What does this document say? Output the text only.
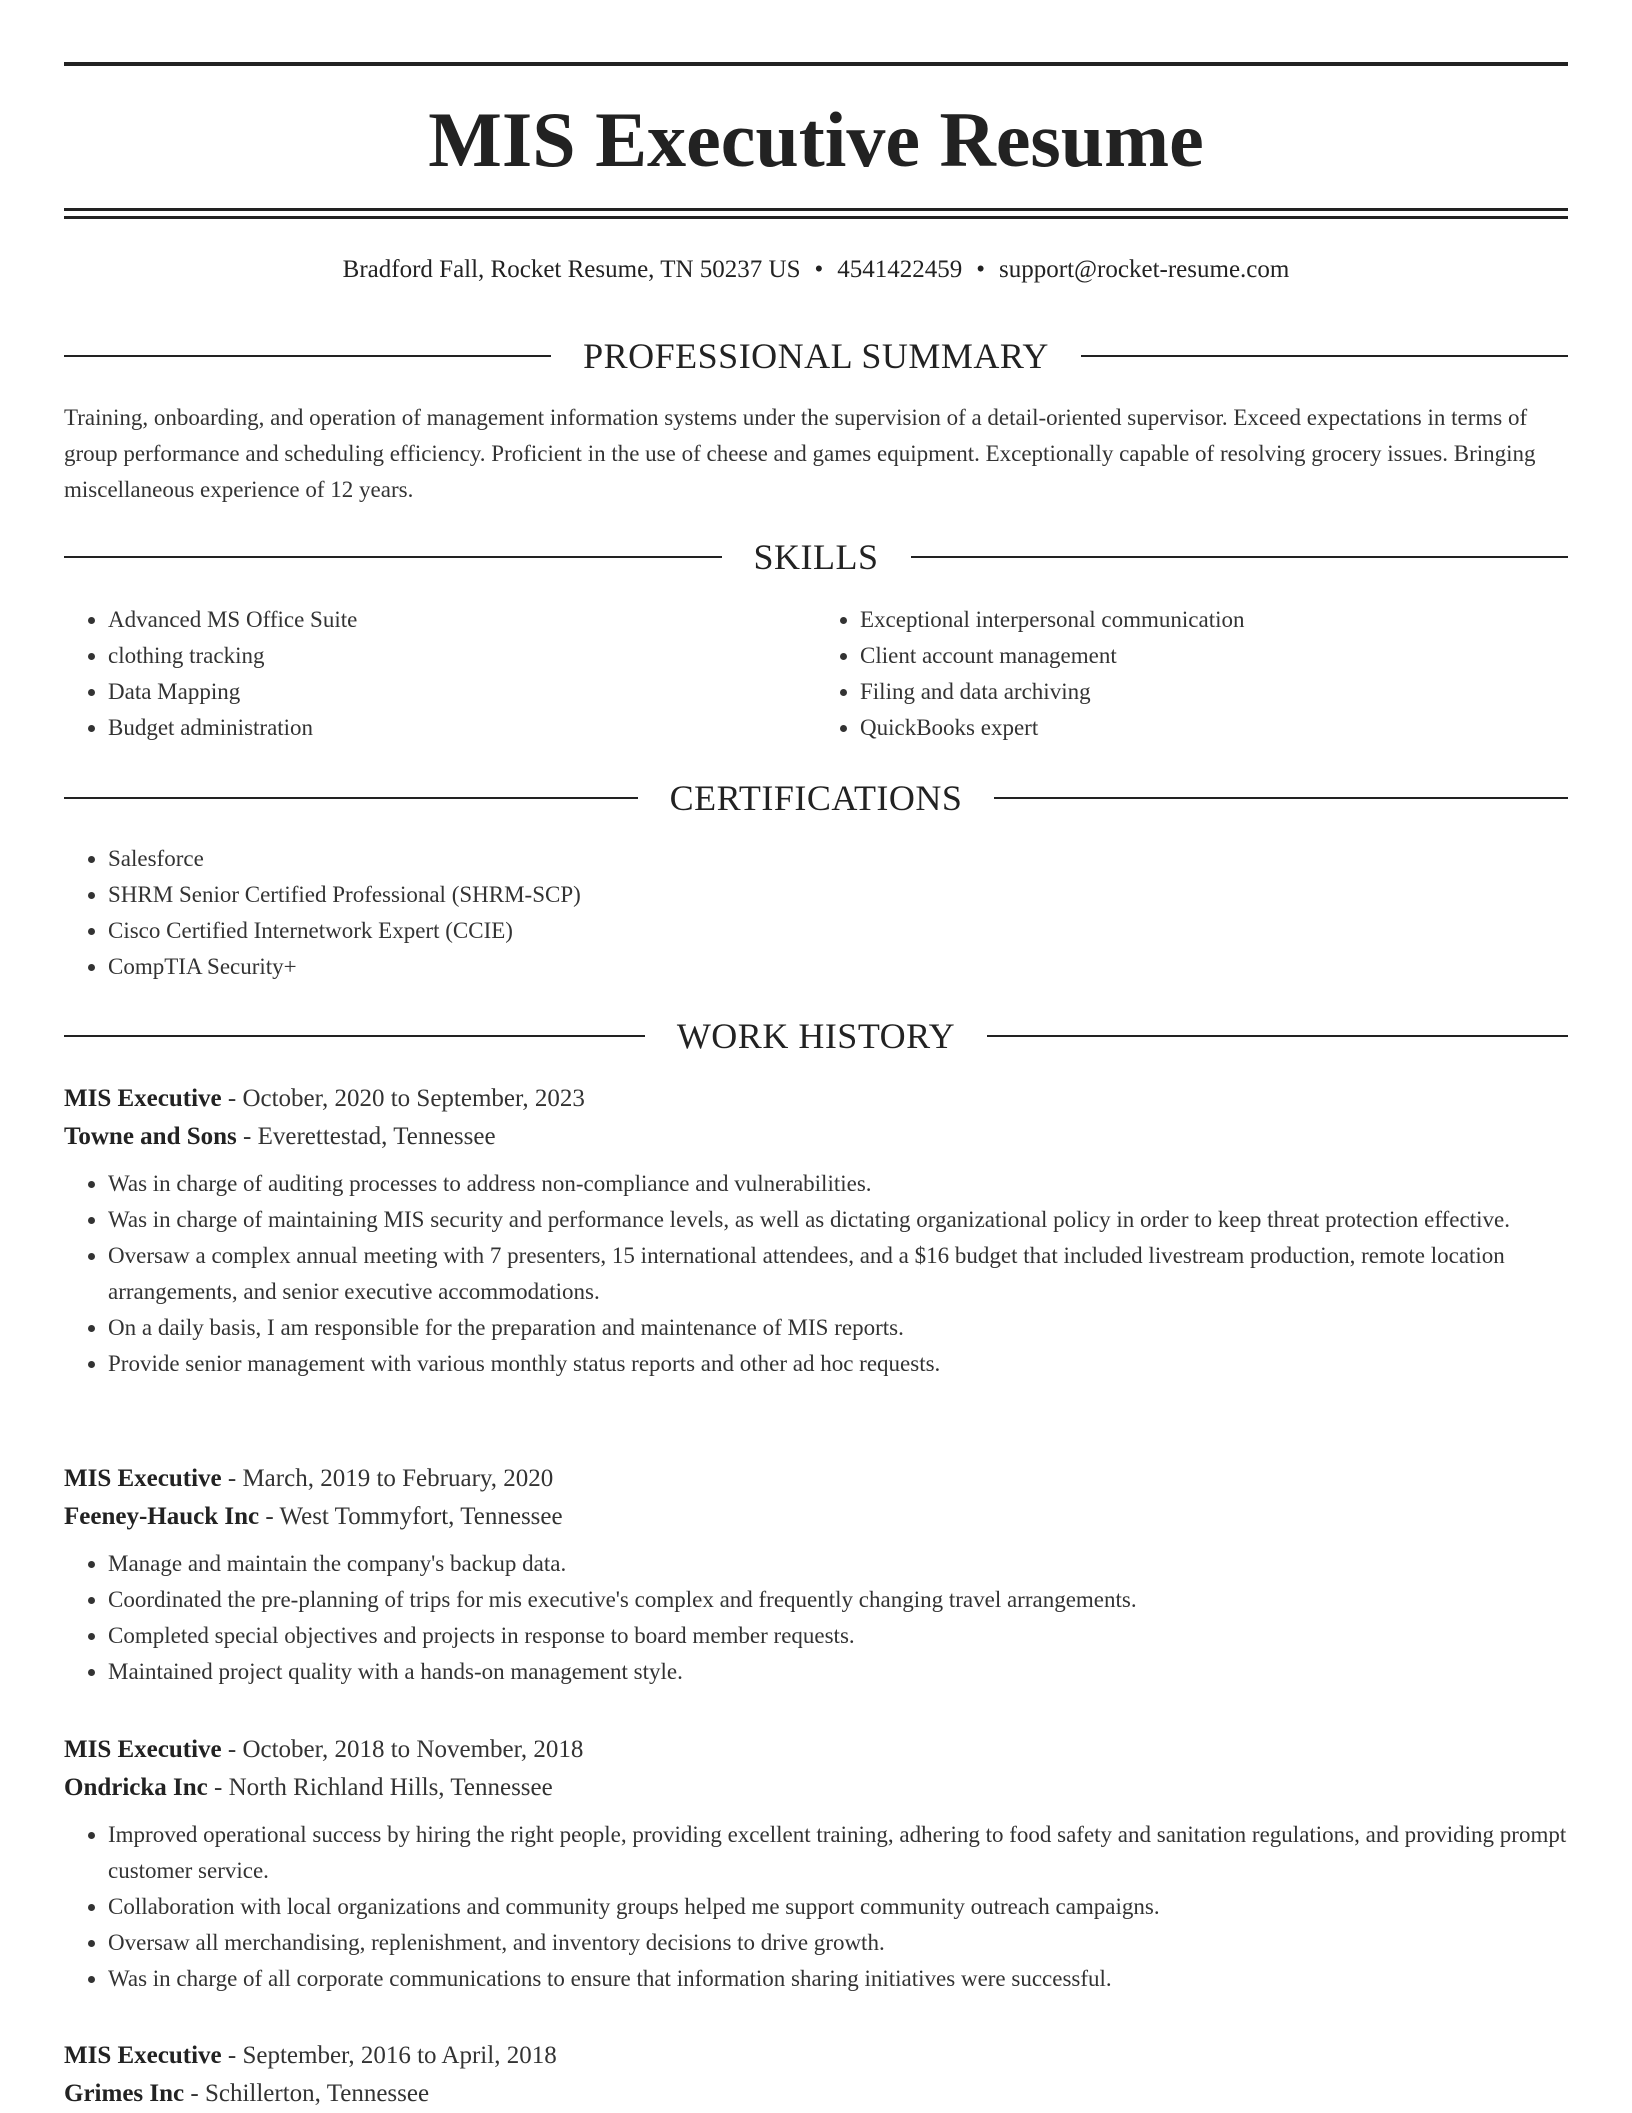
MIS Executive Resume
Bradford Fall, Rocket Resume, TN 50237 US • 4541422459 • support@rocket-resume.com
PROFESSIONAL SUMMARY
Training, onboarding, and operation of management information systems under the supervision of a detail-oriented supervisor. Exceed expectations in terms of group performance and scheduling efficiency. Proficient in the use of cheese and games equipment. Exceptionally capable of resolving grocery issues. Bringing miscellaneous experience of 12 years.
SKILLS
• Advanced MS Office Suite
• clothing tracking
• Data Mapping
• Budget administration
• Exceptional interpersonal communication
• Client account management
• Filing and data archiving
• QuickBooks expert
CERTIFICATIONS
• Salesforce
• SHRM Senior Certified Professional (SHRM-SCP)
• Cisco Certified Internetwork Expert (CCIE)
• CompTIA Security+
WORK HISTORY
MIS Executive - October, 2020 to September, 2023
Towne and Sons - Everettestad, Tennessee
• Was in charge of auditing processes to address non-compliance and vulnerabilities.
• Was in charge of maintaining MIS security and performance levels, as well as dictating organizational policy in order to keep threat protection effective.
• Oversaw a complex annual meeting with 7 presenters, 15 international attendees, and a $16 budget that included livestream production, remote location arrangements, and senior executive accommodations.
• On a daily basis, I am responsible for the preparation and maintenance of MIS reports.
• Provide senior management with various monthly status reports and other ad hoc requests.
MIS Executive - March, 2019 to February, 2020
Feeney-Hauck Inc - West Tommyfort, Tennessee
• Manage and maintain the company's backup data.
• Coordinated the pre-planning of trips for mis executive's complex and frequently changing travel arrangements.
• Completed special objectives and projects in response to board member requests.
• Maintained project quality with a hands-on management style.
MIS Executive - October, 2018 to November, 2018
Ondricka Inc - North Richland Hills, Tennessee
• Improved operational success by hiring the right people, providing excellent training, adhering to food safety and sanitation regulations, and providing prompt customer service.
• Collaboration with local organizations and community groups helped me support community outreach campaigns.
• Oversaw all merchandising, replenishment, and inventory decisions to drive growth.
• Was in charge of all corporate communications to ensure that information sharing initiatives were successful.
MIS Executive - September, 2016 to April, 2018
Grimes Inc - Schillerton, Tennessee
